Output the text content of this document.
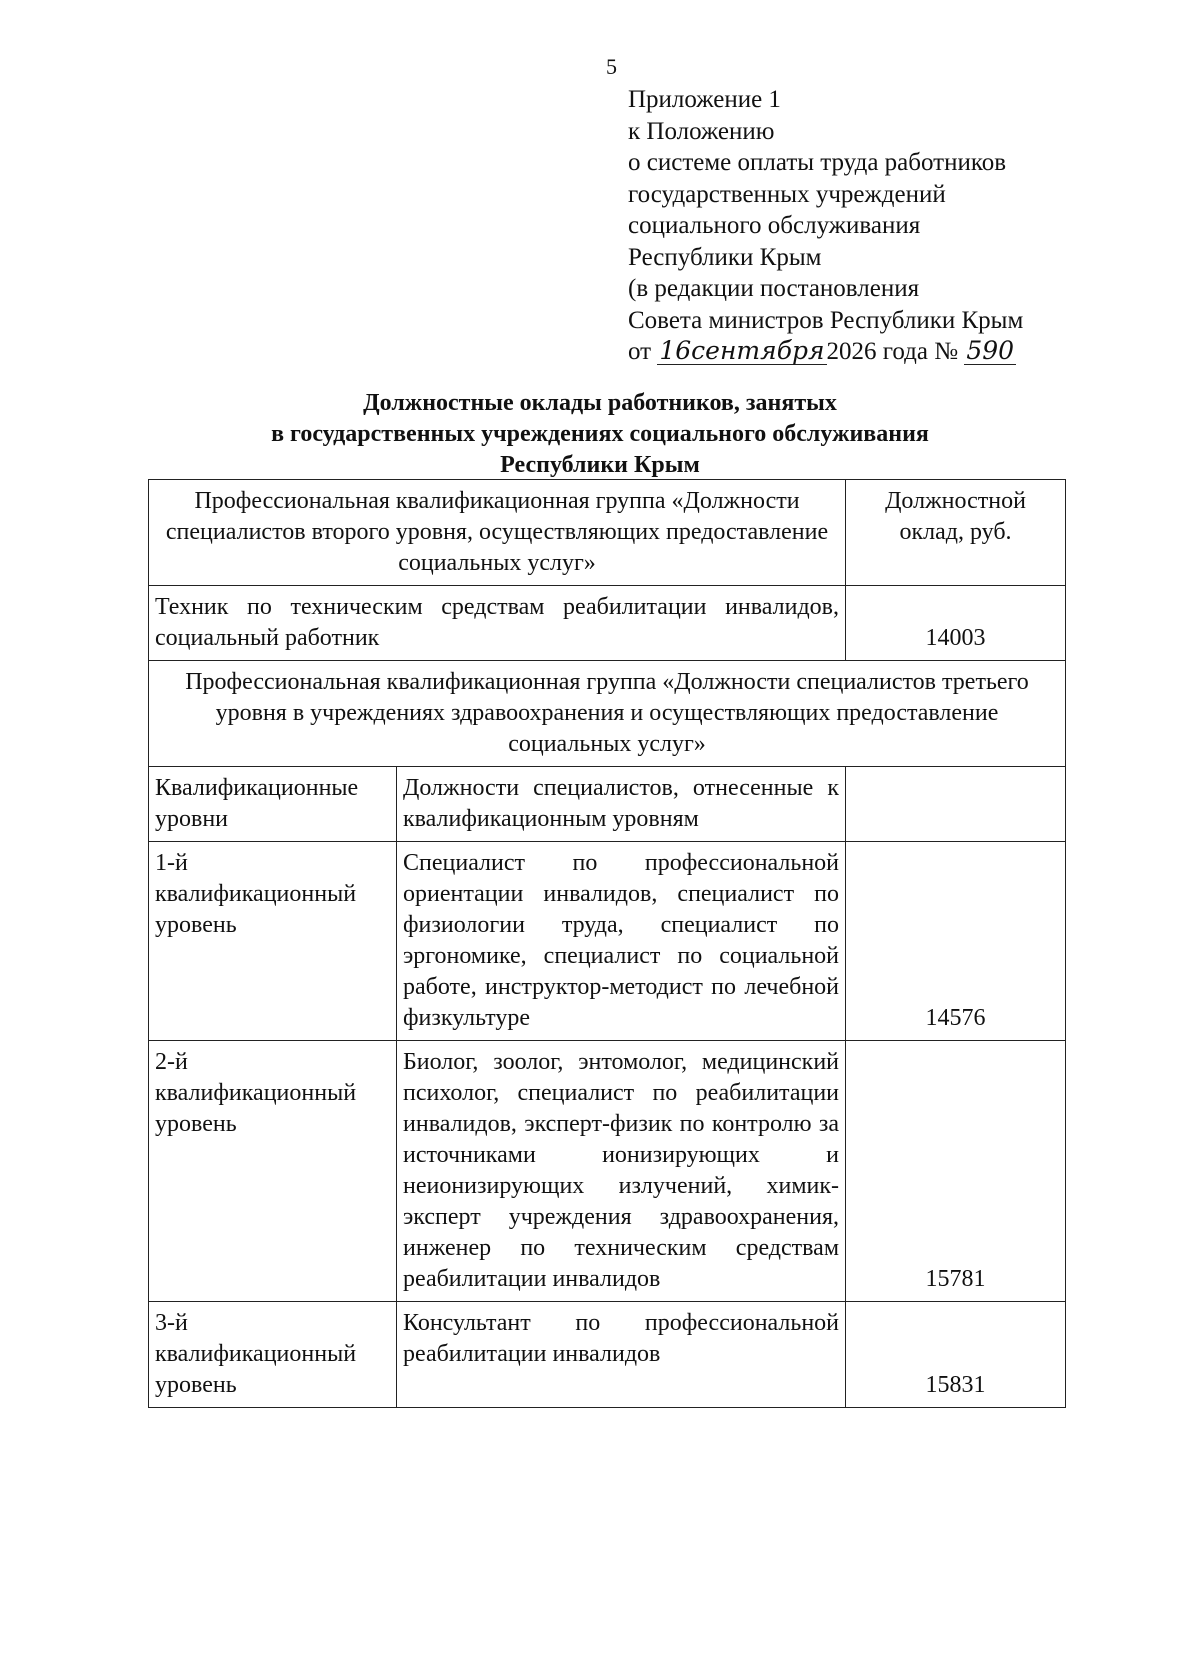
5
Приложение 1
к Положению
о системе оплаты труда работников
государственных учреждений
социального обслуживания
Республики Крым
(в редакции постановления
Совета министров Республики Крым
от 16сентября2026 года № 590
Должностные оклады работников, занятых
в государственных учреждениях социального обслуживания
Республики Крым
Профессиональная квалификационная группа «Должности специалистов второго уровня, осуществляющих предоставление социальных услуг»		Должностной оклад, руб.
Техник по техническим средствам реабилитации инвалидов, социальный работник		14003
Профессиональная квалификационная группа «Должности специалистов третьего уровня в учреждениях здравоохранения и осуществляющих предоставление социальных услуг»		
Квалификационные уровни	Должности специалистов, отнесенные к квалификационным уровням	
1-й квалификационный уровень	Специалист по профессиональной ориентации инвалидов, специалист по физиологии труда, специалист по эргономике, специалист по социальной работе, инструктор-методист по лечебной физкультуре	14576
2-й квалификационный уровень	Биолог, зоолог, энтомолог, медицинский психолог, специалист по реабилитации инвалидов, эксперт-физик по контролю за источниками ионизирующих и неионизирующих излучений, химик-эксперт учреждения здравоохранения, инженер по техническим средствам реабилитации инвалидов	15781
3-й квалификационный уровень	Консультант по профессиональной реабилитации инвалидов	15831
